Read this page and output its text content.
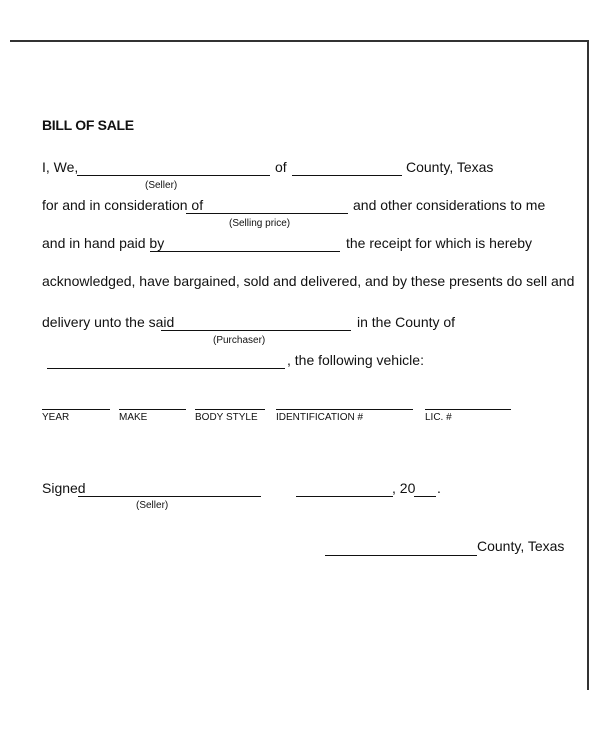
BILL OF SALE
I, We,	of	County, Texas
(Seller)
for and in consideration of	and other considerations to me
(Selling price)
and in hand paid by	the receipt for which is hereby
acknowledged, have bargained, sold and delivered, and by these presents do sell and
delivery unto the said	in the County of
(Purchaser)
, the following vehicle:
YEAR	MAKE	BODY STYLE IDENTIFICATION #	LIC. #
Signed
(Seller)
, 20 .
County, Texas
